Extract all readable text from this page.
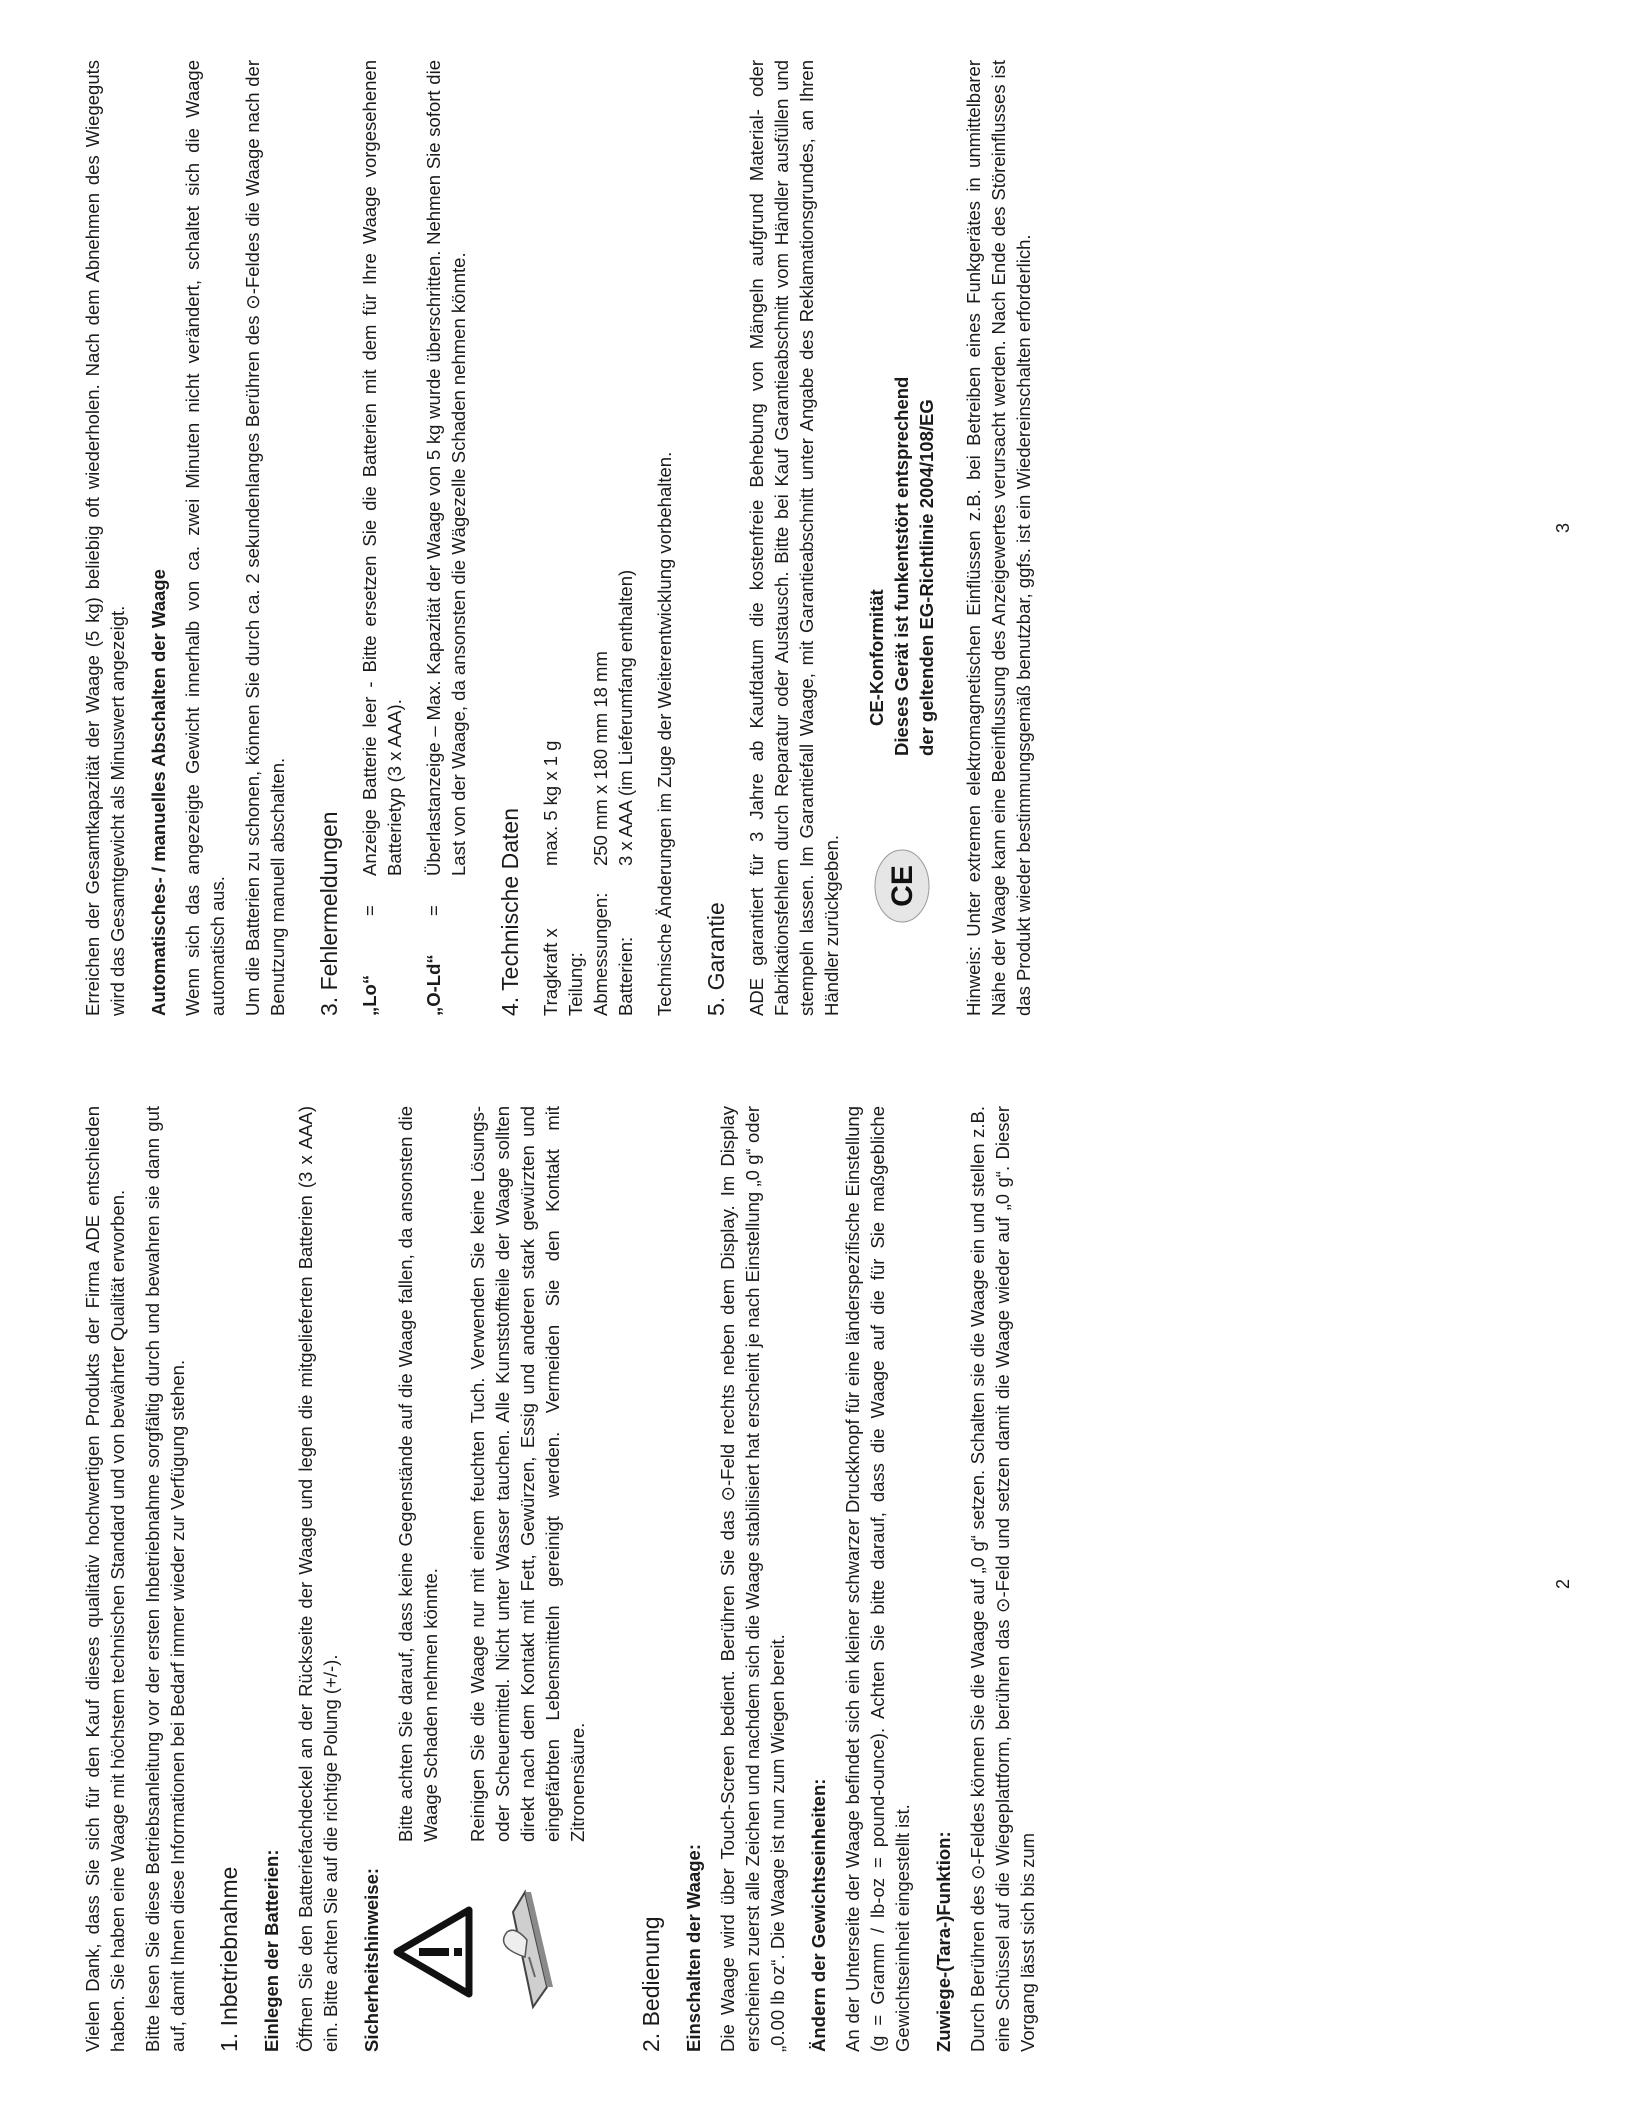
Vielen Dank, dass Sie sich für den Kauf dieses qualitativ hochwertigen Produkts der Firma ADE entschieden haben. Sie haben eine Waage mit höchstem technischen Standard und von bewährter Qualität erworben. Bitte lesen Sie diese Betriebsanleitung vor der ersten Inbetriebnahme sorgfältig durch und bewahren sie dann gut auf, damit Ihnen diese Informationen bei Bedarf immer wieder zur Verfügung stehen. 1. Inbetriebnahme Einlegen der Batterien: Öffnen Sie den Batteriefachdeckel an der Rückseite der Waage und legen die mitgelieferten Batterien (3 x AAA) ein. Bitte achten Sie auf die richtige Polung (+/-). Sicherheitshinweise:

Bitte achten Sie darauf, dass keine Gegenstände auf die Waage fallen, da ansonsten die Waage Schaden nehmen könnte. Reinigen Sie die Waage nur mit einem feuchten Tuch. Verwenden Sie keine Lösungs- oder Scheuermittel. Nicht unter Wasser tauchen. Alle Kunststoffteile der Waage sollten direkt nach dem Kontakt mit Fett, Gewürzen, Essig und anderen stark gewürzten und eingefärbten Lebensmitteln gereinigt werden. Vermeiden Sie den Kontakt mit Zitronensäure.

2. Bedienung Einschalten der Waage: Die Waage wird über Touch-Screen bedient. Berühren Sie das ⊙-Feld rechts neben dem Display. Im Display erscheinen zuerst alle Zeichen und nachdem sich die Waage stabilisiert hat erscheint je nach Einstellung „0 g“ oder „0.00 lb oz“. Die Waage ist nun zum Wiegen bereit. Ändern der Gewichtseinheiten: An der Unterseite der Waage befindet sich ein kleiner schwarzer Druckknopf für eine länderspezifische Einstellung (g = Gramm / lb-oz = pound-ounce). Achten Sie bitte darauf, dass die Waage auf die für Sie maßgebliche Gewichtseinheit eingestellt ist. Zuwiege-(Tara-)Funktion: Durch Berühren des ⊙-Feldes können Sie die Waage auf „0 g“ setzen. Schalten sie die Waage ein und stellen z.B. eine Schüssel auf die Wiegeplattform, berühren das ⊙-Feld und setzen damit die Waage wieder auf „0 g“. Dieser Vorgang lässt sich bis zum

2

Erreichen der Gesamtkapazität der Waage (5 kg) beliebig oft wiederholen. Nach dem Abnehmen des Wiegeguts wird das Gesamtgewicht als Minuswert angezeigt. Automatisches- / manuelles Abschalten der Waage Wenn sich das angezeigte Gewicht innerhalb von ca. zwei Minuten nicht verändert, schaltet sich die Waage automatisch aus. Um die Batterien zu schonen, können Sie durch ca. 2 sekundenlanges Berühren des ⊙-Feldes die Waage nach der Benutzung manuell abschalten. 3. Fehlermeldungen „Lo“
=
Anzeige Batterie leer - Bitte ersetzen Sie die Batterien mit dem für Ihre Waage vorgesehenen Batterietyp (3 x AAA).
„O-Ld“
=
Überlastanzeige – Max. Kapazität der Waage von 5 kg wurde überschritten. Nehmen Sie sofort die Last von der Waage, da ansonsten die Wägezelle Schaden nehmen könnte.
4. Technische Daten Tragkraft x Teilung:
max. 5 kg x 1 g
Abmessungen:
250 mm x 180 mm 18 mm
Batterien:
3 x AAA (im Lieferumfang enthalten) Technische Änderungen im Zuge der Weiterentwicklung vorbehalten. 5. Garantie ADE garantiert für 3 Jahre ab Kaufdatum die kostenfreie Behebung von Mängeln aufgrund Material- oder Fabrikationsfehlern durch Reparatur oder Austausch. Bitte bei Kauf Garantieabschnitt vom Händler ausfüllen und stempeln lassen. Im Garantiefall Waage, mit Garantieabschnitt unter Angabe des Reklamationsgrundes, an Ihren Händler zurückgeben. CE
CE-Konformität Dieses Gerät ist funkentstört entsprechend der geltenden EG-Richtlinie 2004/108/EG Hinweis: Unter extremen elektromagnetischen Einflüssen z.B. bei Betreiben eines Funkgerätes in unmittelbarer Nähe der Waage kann eine Beeinflussung des Anzeigewertes verursacht werden. Nach Ende des Störeinflusses ist das Produkt wieder bestimmungsgemäß benutzbar, ggfs. ist ein Wiedereinschalten erforderlich.	3
